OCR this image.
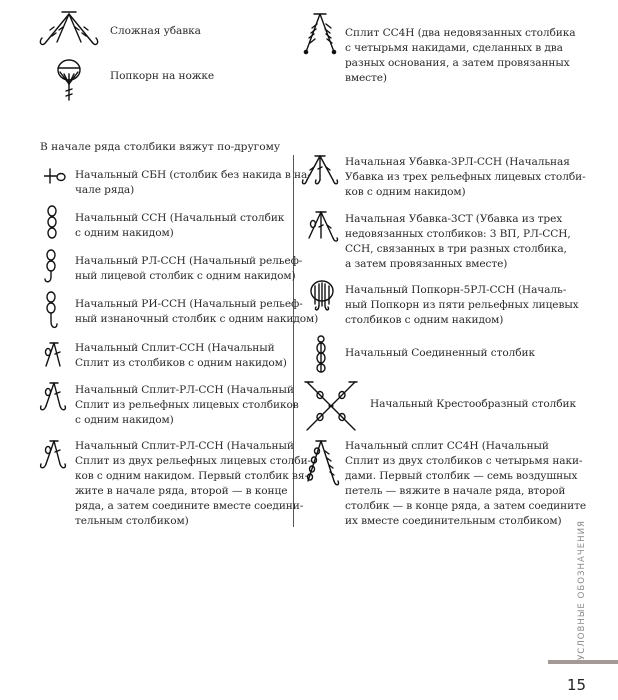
Сложная убавка
Попкорн на ножке
Сплит СС4Н (два недовязанных столбика
с четырьмя накидами, сделанных в два
разных основания, а затем провязанных
вместе)
В начале ряда столбики вяжут по-другому
Начальный СБН (столбик без накида в на-
чале ряда)
Начальный ССН (Начальный столбик
с одним накидом)
Начальный РЛ-ССН (Начальный рельеф-
ный лицевой столбик с одним накидом)
Начальный РИ-ССН (Начальный рельеф-
ный изнаночный столбик с одним накидом)
Начальный Сплит-ССН (Начальный
Сплит из столбиков с одним накидом)
Начальный Сплит-РЛ-ССН (Начальный
Сплит из рельефных лицевых столбиков
с одним накидом)
Начальный Сплит-РЛ-ССН (Начальный
Сплит из двух рельефных лицевых столби-
ков с одним накидом. Первый столбик вя-
жите в начале ряда, второй — в конце
ряда, а затем соедините вместе соедини-
тельным столбиком)
Начальная Убавка-3РЛ-ССН (Начальная
Убавка из трех рельефных лицевых столби-
ков с одним накидом)
Начальная Убавка-3СТ (Убавка из трех
недовязанных столбиков: 3 ВП, РЛ-ССН,
ССН, связанных в три разных столбика,
а затем провязанных вместе)
Начальный Попкорн-5РЛ-ССН (Началь-
ный Попкорн из пяти рельефных лицевых
столбиков с одним накидом)
Начальный Соединенный столбик
Начальный Крестообразный столбик
Начальный сплит СС4Н (Начальный
Сплит из двух столбиков с четырьмя наки-
дами. Первый столбик — семь воздушных
петель — вяжите в начале ряда, второй
столбик — в конце ряда, а затем соедините
их вместе соединительным столбиком)	УСЛОВНЫЕ ОБОЗНАЧЕНИЯ
15
